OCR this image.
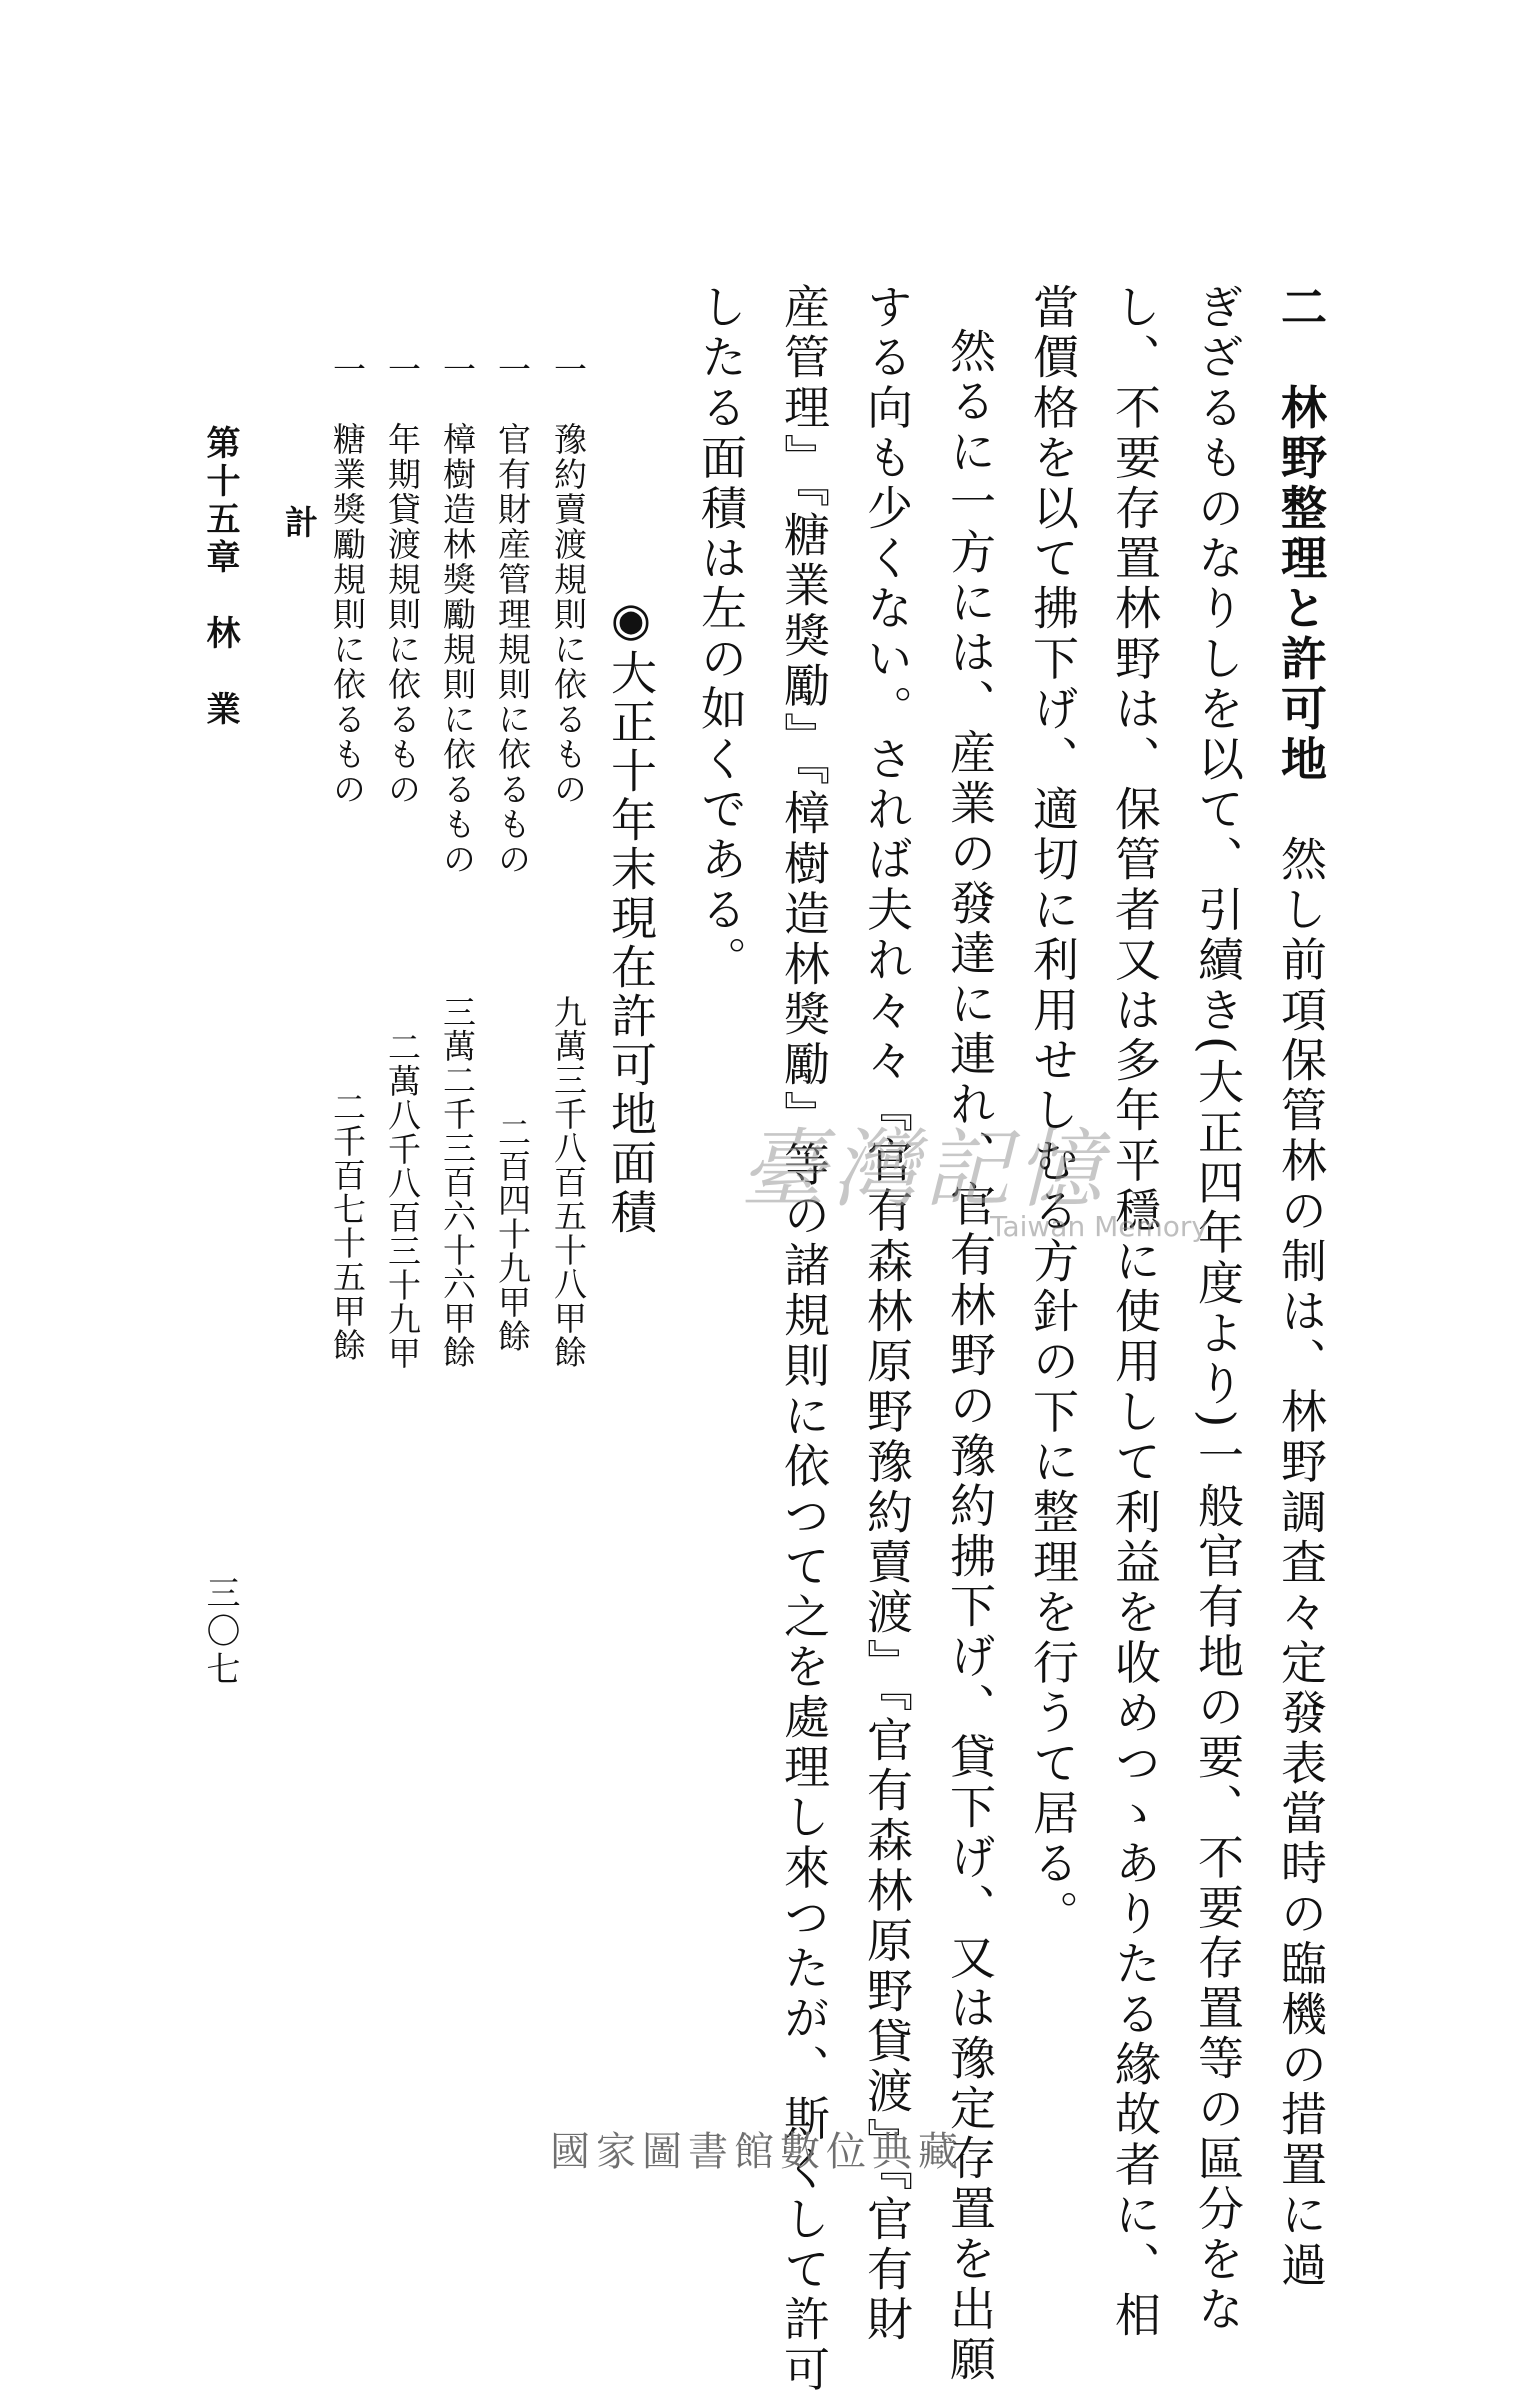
二　林野整理と許可地　然し前項保管林の制は、林野調査々定發表當時の臨機の措置に過
ぎざるものなりしを以て、引續き(大正四年度より)一般官有地の要、不要存置等の區分をな
し、不要存置林野は、保管者又は多年平穩に使用して利益を收めつゝありたる緣故者に、相
當價格を以て拂下げ、適切に利用せしむる方針の下に整理を行うて居る。
然るに一方には、産業の發達に連れ、官有林野の豫約拂下げ、貸下げ、又は豫定存置を出願
する向も少くない。されば夫れ々々『官有森林原野豫約賣渡』『官有森林原野貸渡』『官有財
産管理』『糖業獎勵』『樟樹造林獎勵』等の諸規則に依つて之を處理し來つたが、斯くして許可
したる面積は左の如くである。
◉大正十年末現在許可地面積
一　豫約賣渡規則に依るもの
九萬三千八百五十八甲餘
一　官有財産管理規則に依るもの
二百四十九甲餘
一　樟樹造林獎勵規則に依るもの
三萬二千三百六十六甲餘
一　年期貸渡規則に依るもの
二萬八千八百三十九甲
一　糖業獎勵規則に依るもの
二千百七十五甲餘
計
第十五章　林　業
三〇七
臺灣記憶
Taiwan Memory
國家圖書館數位典藏
